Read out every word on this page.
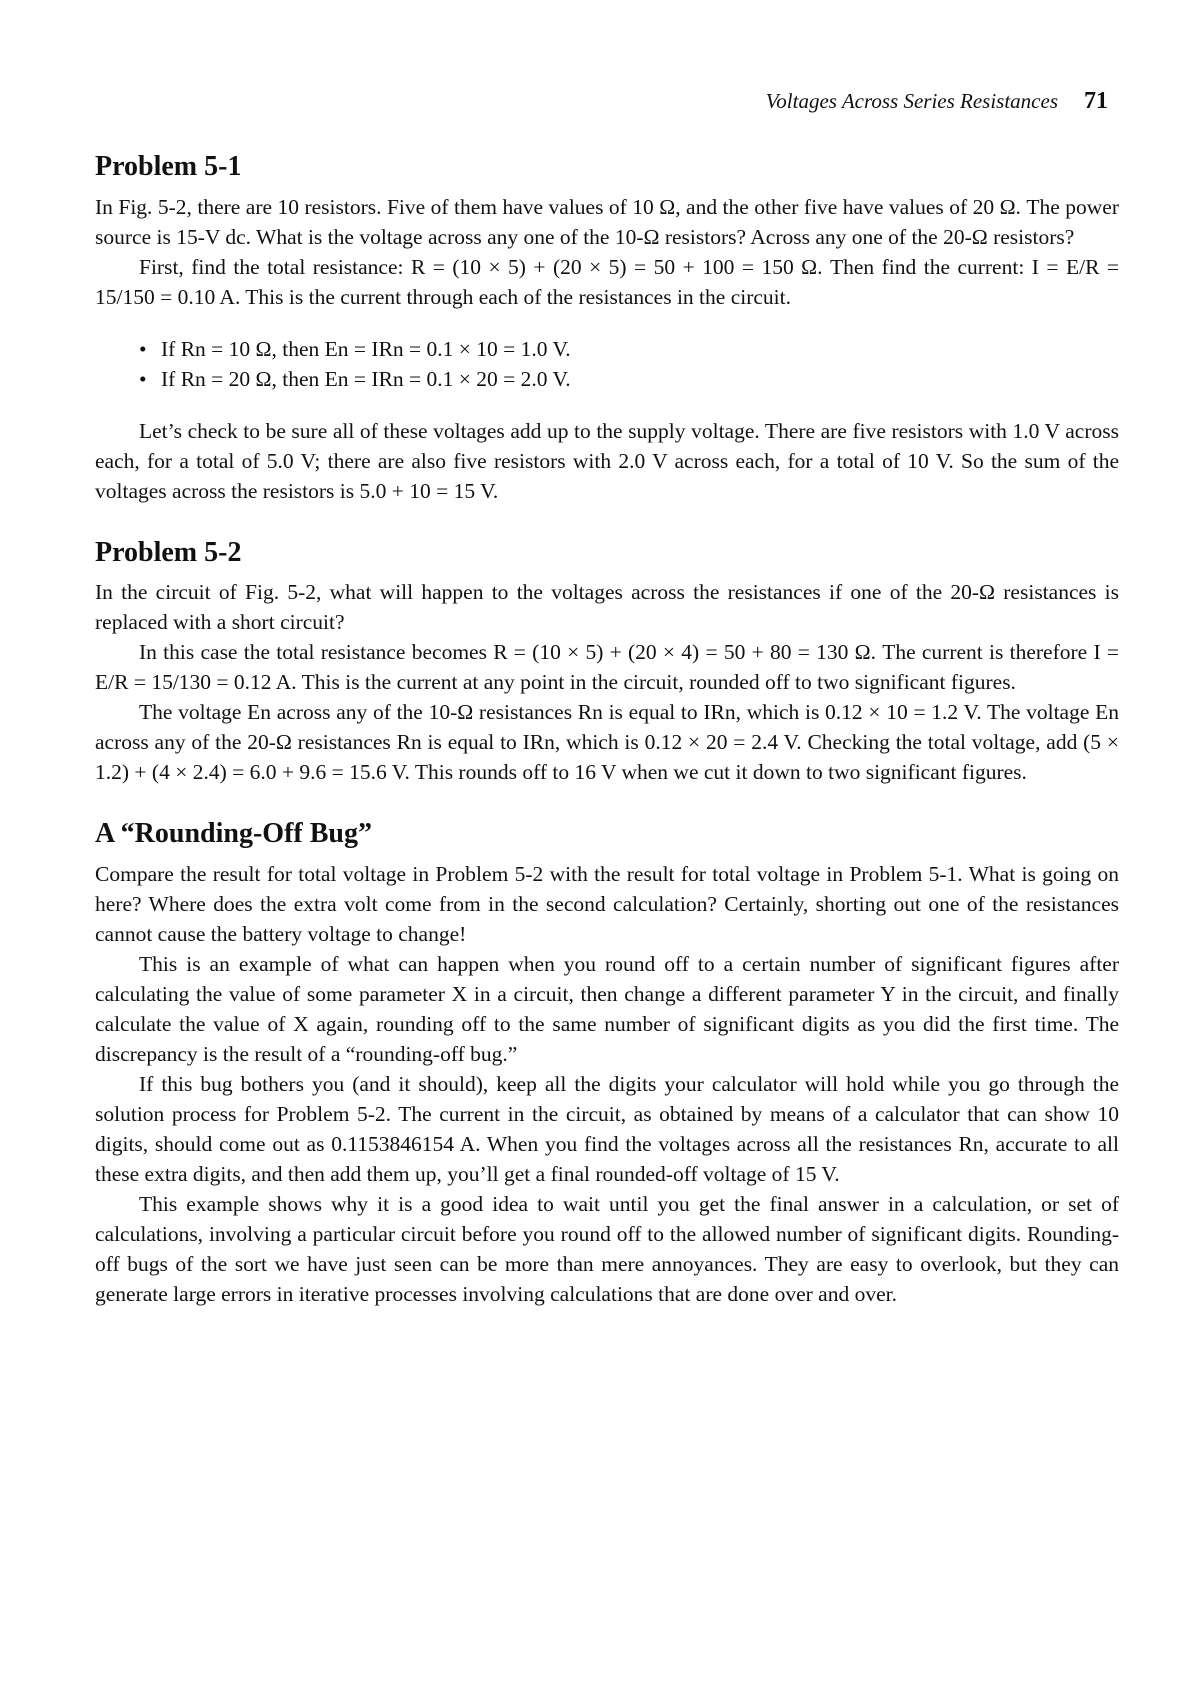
Voltages Across Series Resistances 71
Problem 5-1

In Fig. 5-2, there are 10 resistors. Five of them have values of 10 Ω, and the other five have values of 20 Ω. The power source is 15-V dc. What is the voltage across any one of the 10-Ω resistors? Across any one of the 20-Ω resistors?

First, find the total resistance: R = (10 × 5) + (20 × 5) = 50 + 100 = 150 Ω. Then find the current: I = E/R = 15/150 = 0.10 A. This is the current through each of the resistances in the circuit.

• If Rn = 10 Ω, then En = IRn = 0.1 × 10 = 1.0 V.
• If Rn = 20 Ω, then En = IRn = 0.1 × 20 = 2.0 V.

Let’s check to be sure all of these voltages add up to the supply voltage. There are five resistors with 1.0 V across each, for a total of 5.0 V; there are also five resistors with 2.0 V across each, for a total of 10 V. So the sum of the voltages across the resistors is 5.0 + 10 = 15 V.

Problem 5-2

In the circuit of Fig. 5-2, what will happen to the voltages across the resistances if one of the 20-Ω resistances is replaced with a short circuit?

In this case the total resistance becomes R = (10 × 5) + (20 × 4) = 50 + 80 = 130 Ω. The current is therefore I = E/R = 15/130 = 0.12 A. This is the current at any point in the circuit, rounded off to two significant figures.

The voltage En across any of the 10-Ω resistances Rn is equal to IRn, which is 0.12 × 10 = 1.2 V. The voltage En across any of the 20-Ω resistances Rn is equal to IRn, which is 0.12 × 20 = 2.4 V. Checking the total voltage, add (5 × 1.2) + (4 × 2.4) = 6.0 + 9.6 = 15.6 V. This rounds off to 16 V when we cut it down to two significant figures.

A “Rounding-Off Bug”

Compare the result for total voltage in Problem 5-2 with the result for total voltage in Problem 5-1. What is going on here? Where does the extra volt come from in the second calculation? Certainly, shorting out one of the resistances cannot cause the battery voltage to change!

This is an example of what can happen when you round off to a certain number of significant figures after calculating the value of some parameter X in a circuit, then change a different parameter Y in the circuit, and finally calculate the value of X again, rounding off to the same number of significant digits as you did the first time. The discrepancy is the result of a “rounding-off bug.”

If this bug bothers you (and it should), keep all the digits your calculator will hold while you go through the solution process for Problem 5-2. The current in the circuit, as obtained by means of a calculator that can show 10 digits, should come out as 0.1153846154 A. When you find the voltages across all the resistances Rn, accurate to all these extra digits, and then add them up, you’ll get a final rounded-off voltage of 15 V.

This example shows why it is a good idea to wait until you get the final answer in a calculation, or set of calculations, involving a particular circuit before you round off to the allowed number of significant digits. Rounding-off bugs of the sort we have just seen can be more than mere annoyances. They are easy to overlook, but they can generate large errors in iterative processes involving calculations that are done over and over.
